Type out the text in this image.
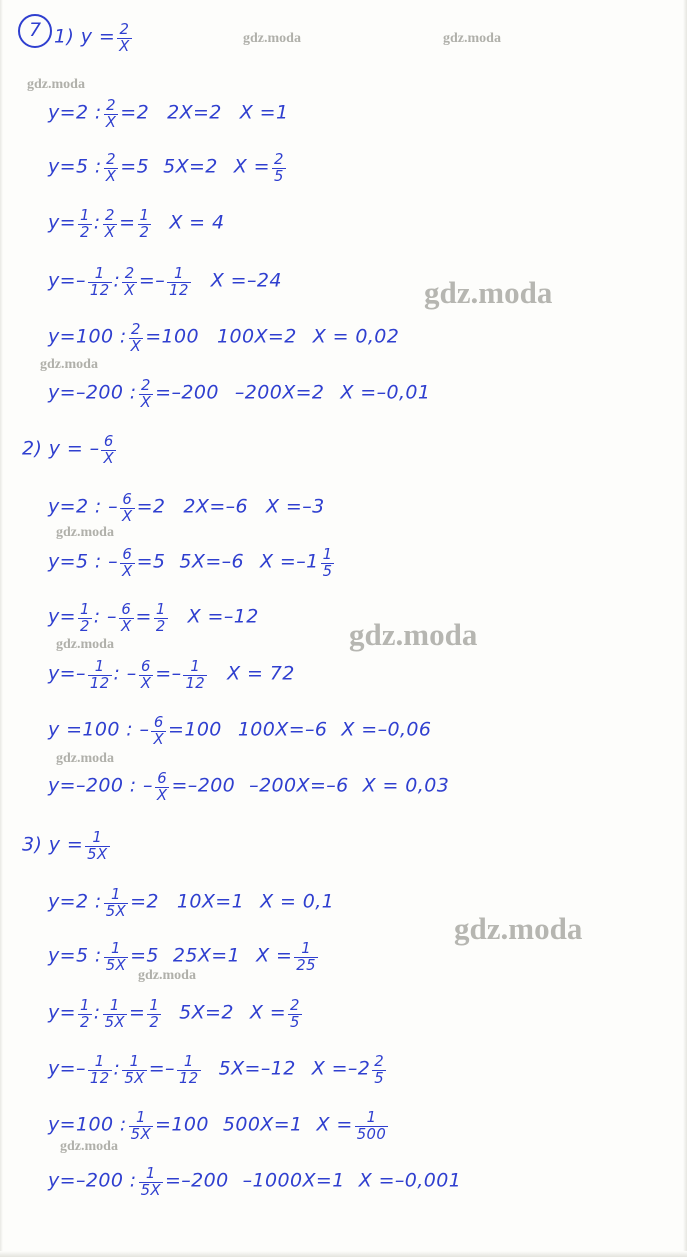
7	gdz.moda	gdz.moda
gdz.moda
gdz.moda
gdz.moda
gdz.moda
gdz.moda
gdz.moda
gdz.moda
gdz.moda
gdz.moda
gdz.moda
1) $y = \frac{2}{X}$
y=2 : $\frac{2}{X} =2$ 2X=2 X =1
y=5 : $\frac{2}{X} =5$ 5X=2 $X = \frac{2}{5}$
$y= \frac{1}{2}$ : $\frac{2}{X} = \frac{1}{2}$ X = 4
$y=- \frac{1}{12}$ : $\frac{2}{X} =- \frac{1}{12}$ X =–24
y=100 : $\frac{2}{X} =100$ 100X=2 X = 0,02
y=–200 : $\frac{2}{X} =-200$ –200X=2 X =–0,01
2) y = – $\frac{6}{X}$
y=2 : – $\frac{6}{X} =2$ 2X=–6 X =–3
y=5 : – $\frac{6}{X} =5$ 5X=–6 $X =-1 \frac{1}{5}$
$y= \frac{1}{2}$ : – $\frac{6}{X} = \frac{1}{2}$ X =–12
$y=- \frac{1}{12}$ : – $\frac{6}{X} =- \frac{1}{12}$ X = 72
y =100 : – $\frac{6}{X} =100$ 100X=–6 X =–0,06
y=–200 : – $\frac{6}{X} =-200$ –200X=–6 X = 0,03
3) $y = \frac{1}{5X}$
y=2 : $\frac{1}{5X} =2$ 10X=1 X = 0,1
y=5 : $\frac{1}{5X} =5$ 25X=1 $X = \frac{1}{25}$
$y= \frac{1}{2}$ : $\frac{1}{5X} = \frac{1}{2} 5X=2$ $X = \frac{2}{5}$
$y=- \frac{1}{12}$ : $\frac{1}{5X} =- \frac{1}{12} 5X=-12$ $X =-2 \frac{2}{5}$
y=100 : $\frac{1}{5X} =100$ 500X=1 $X = \frac{1}{500}$
y=–200 : $\frac{1}{5X} =-200$ –1000X=1 X =–0,001
